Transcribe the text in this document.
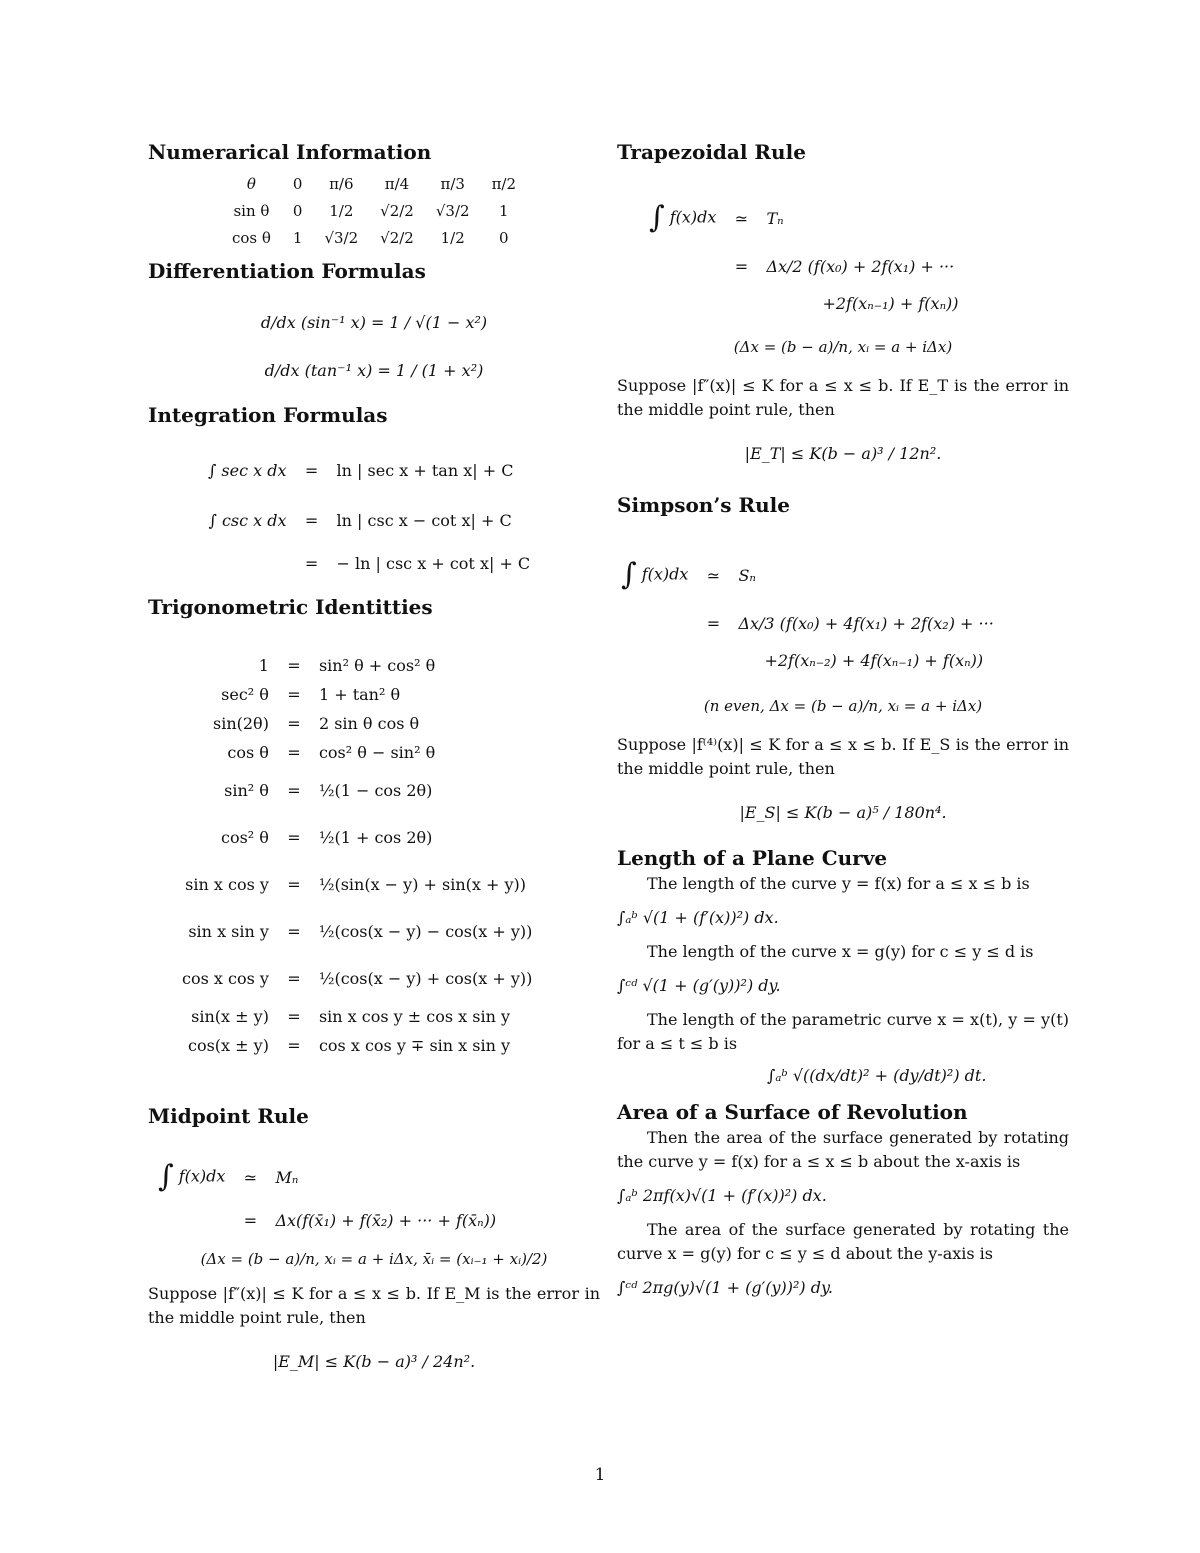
Numerarical Information
θ	0	π/6	π/4	π/3	π/2
sin θ	0	1/2	√2/2	√3/2	1
cos θ	1	√3/2	√2/2	1/2	0
Differentiation Formulas
d/dx (sin⁻¹ x) = 1 / √(1 − x²)
d/dx (tan⁻¹ x) = 1 / (1 + x²)
Integration Formulas
∫ sec x dx	=	ln | sec x + tan x| + C
∫ csc x dx	=	ln | csc x − cot x| + C
	=	− ln | csc x + cot x| + C
Trigonometric Identitties
1	=	sin² θ + cos² θ
sec² θ	=	1 + tan² θ
sin(2θ)	=	2 sin θ cos θ
cos θ	=	cos² θ − sin² θ
sin² θ	=	½(1 − cos 2θ)
cos² θ	=	½(1 + cos 2θ)
sin x cos y	=	½(sin(x − y) + sin(x + y))
sin x sin y	=	½(cos(x − y) − cos(x + y))
cos x cos y	=	½(cos(x − y) + cos(x + y))
sin(x ± y)	=	sin x cos y ± cos x sin y
cos(x ± y)	=	cos x cos y ∓ sin x sin y
Midpoint Rule
∫ f(x)dx	≃	Mₙ
	=	Δx(f(x̄₁) + f(x̄₂) + ··· + f(x̄ₙ))
(Δx = (b − a)/n, xᵢ = a + iΔx, x̄ᵢ = (xᵢ₋₁ + xᵢ)/2)

Suppose |f″(x)| ≤ K for a ≤ x ≤ b. If E_M is the error in the middle point rule, then

|E_M| ≤ K(b − a)³ / 24n².
Trapezoidal Rule
∫ f(x)dx	≃	Tₙ
	=	Δx/2 (f(x₀) + 2f(x₁) + ···
		+2f(xₙ₋₁) + f(xₙ))
(Δx = (b − a)/n, xᵢ = a + iΔx)

Suppose |f″(x)| ≤ K for a ≤ x ≤ b. If E_T is the error in the middle point rule, then

|E_T| ≤ K(b − a)³ / 12n².
Simpson’s Rule
∫ f(x)dx	≃	Sₙ
	=	Δx/3 (f(x₀) + 4f(x₁) + 2f(x₂) + ···
		+2f(xₙ₋₂) + 4f(xₙ₋₁) + f(xₙ))
(n even, Δx = (b − a)/n, xᵢ = a + iΔx)

Suppose |f⁽⁴⁾(x)| ≤ K for a ≤ x ≤ b. If E_S is the error in the middle point rule, then

|E_S| ≤ K(b − a)⁵ / 180n⁴.
Length of a Plane Curve

The length of the curve y = f(x) for a ≤ x ≤ b is

∫ₐᵇ √(1 + (f′(x))²) dx.

The length of the curve x = g(y) for c ≤ y ≤ d is

∫ᶜᵈ √(1 + (g′(y))²) dy.

The length of the parametric curve x = x(t), y = y(t) for a ≤ t ≤ b is

∫ₐᵇ √((dx/dt)² + (dy/dt)²) dt.
Area of a Surface of Revolution

Then the area of the surface generated by rotating the curve y = f(x) for a ≤ x ≤ b about the x-axis is

∫ₐᵇ 2πf(x)√(1 + (f′(x))²) dx.

The area of the surface generated by rotating the curve x = g(y) for c ≤ y ≤ d about the y-axis is

∫ᶜᵈ 2πg(y)√(1 + (g′(y))²) dy.
1
